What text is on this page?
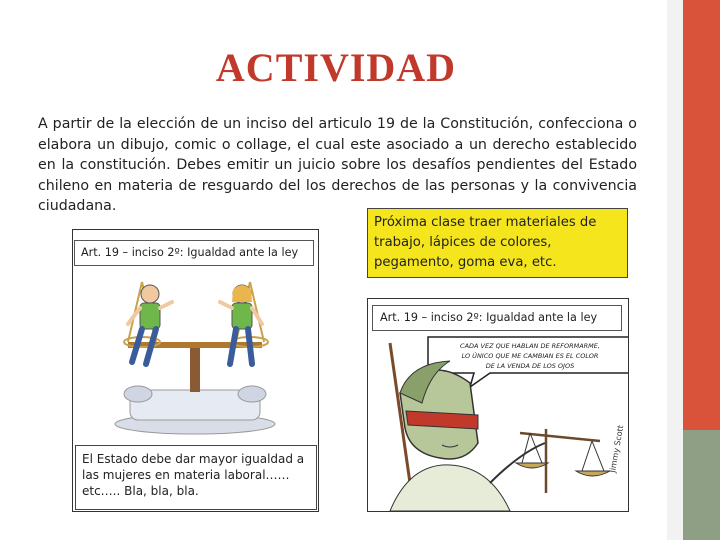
ACTIVIDAD
A partir de la elección de un inciso del articulo 19 de la Constitución, confecciona o elabora un dibujo, comic o collage, el cual este asociado a un derecho establecido en la constitución. Debes emitir un juicio sobre los desafíos pendientes del Estado chileno en materia de resguardo del los derechos de las personas y la convivencia ciudadana.
Próxima clase traer materiales de trabajo, lápices de colores, pegamento, goma eva, etc.
Art. 19 – inciso 2º: Igualdad ante la ley
El Estado debe dar mayor igualdad a las mujeres en materia laboral…… etc….. Bla, bla, bla.
Art. 19 – inciso 2º: Igualdad ante la ley
CADA VEZ QUE HABLAN DE REFORMARME,
LO ÚNICO QUE ME CAMBIAN ES EL COLOR
DE LA VENDA DE LOS OJOS
Jimmy Scott
